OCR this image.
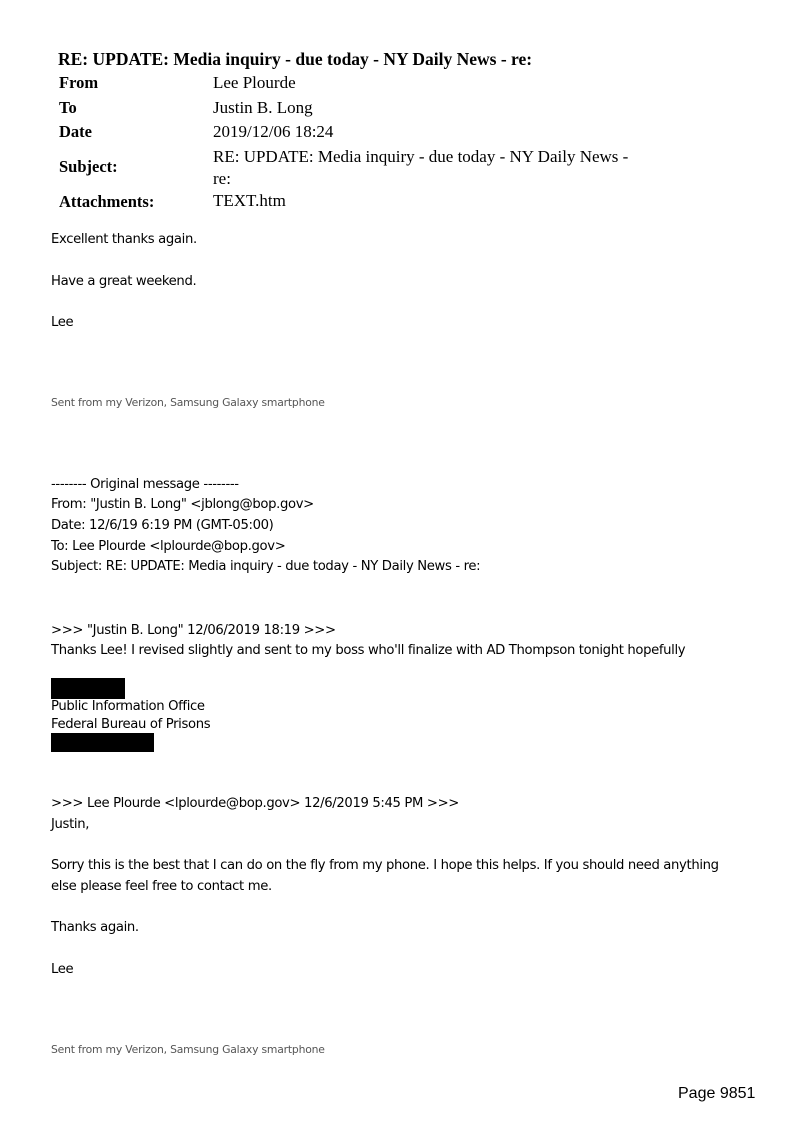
RE: UPDATE: Media inquiry - due today - NY Daily News - re:
From	Lee Plourde
To	Justin B. Long
Date	2019/12/06 18:24
Subject:
RE: UPDATE: Media inquiry - due today - NY Daily News -
re:
Attachments:	TEXT.htm
Excellent thanks again.
Have a great weekend.
Lee
Sent from my Verizon, Samsung Galaxy smartphone
-------- Original message --------
From: "Justin B. Long" <jblong@bop.gov>
Date: 12/6/19 6:19 PM (GMT-05:00)
To: Lee Plourde <lplourde@bop.gov>
Subject: RE: UPDATE: Media inquiry - due today - NY Daily News - re:
>>> "Justin B. Long" 12/06/2019 18:19 >>>
Thanks Lee! I revised slightly and sent to my boss who'll finalize with AD Thompson tonight hopefully
Public Information Office
Federal Bureau of Prisons
>>> Lee Plourde <lplourde@bop.gov> 12/6/2019 5:45 PM >>>
Justin,
Sorry this is the best that I can do on the fly from my phone. I hope this helps. If you should need anything
else please feel free to contact me.
Thanks again.
Lee
Sent from my Verizon, Samsung Galaxy smartphone
Page 9851
